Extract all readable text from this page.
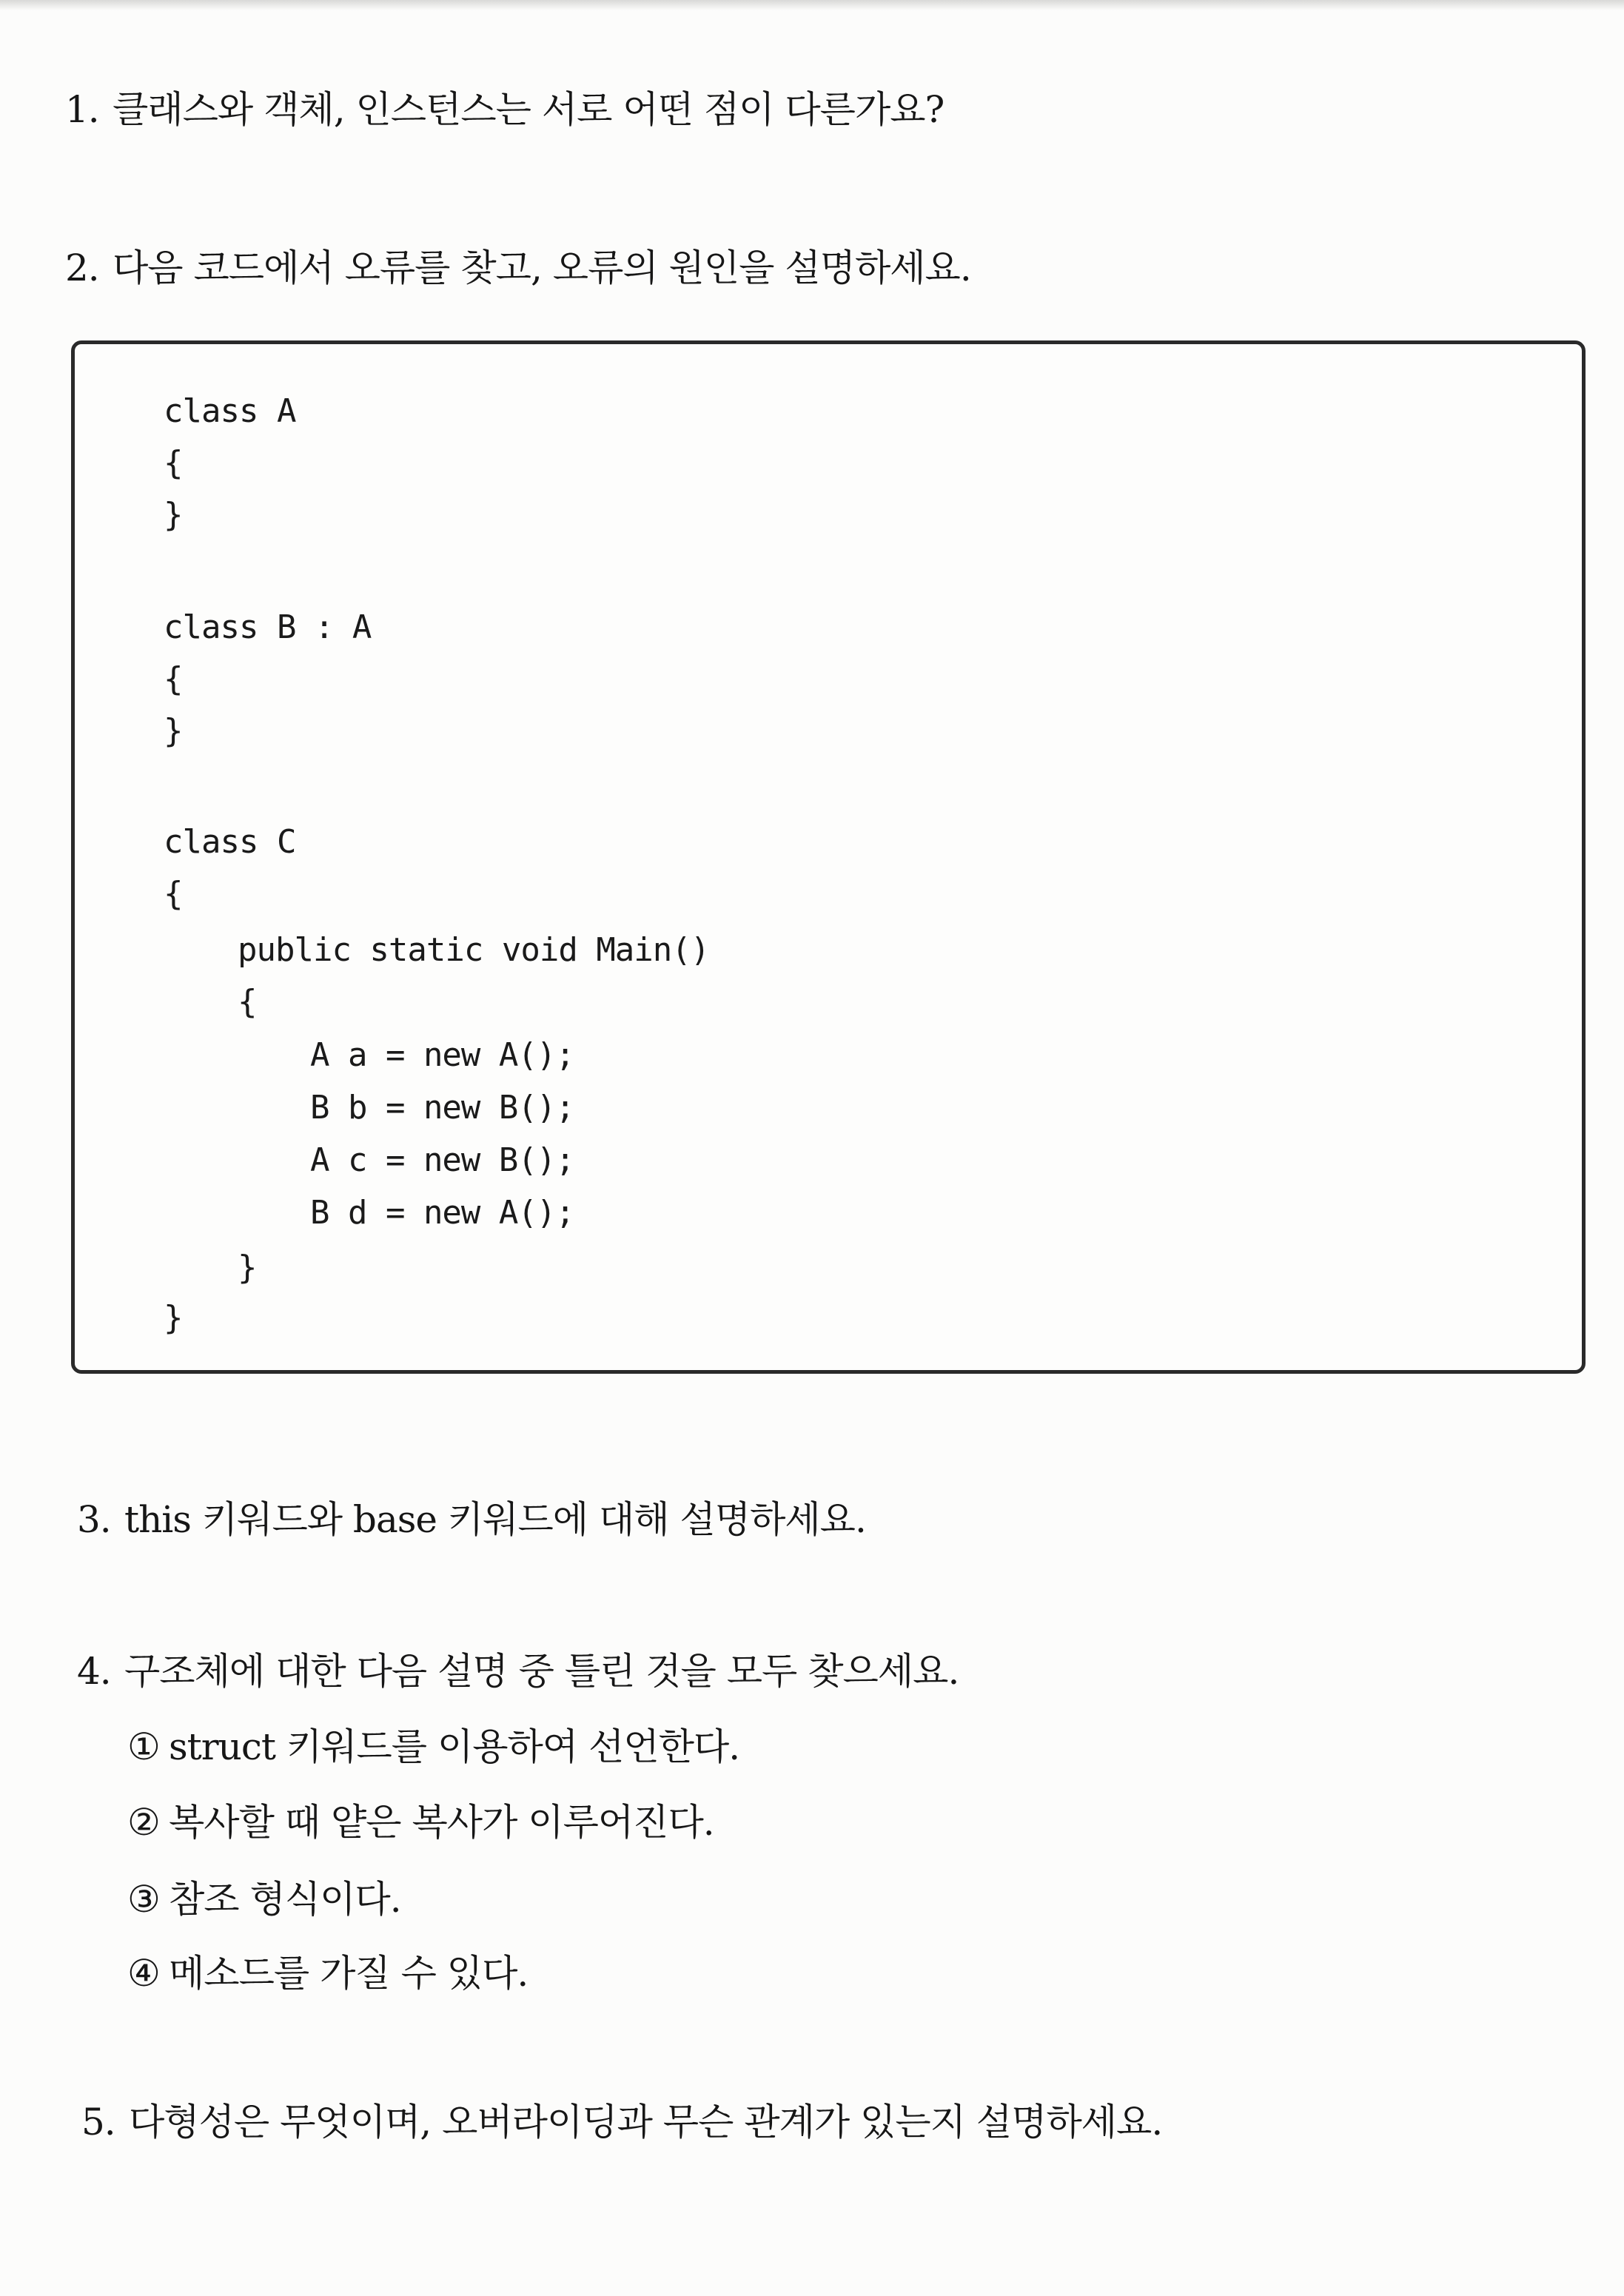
1. 클래스와 객체, 인스턴스는 서로 어떤 점이 다른가요?
2. 다음 코드에서 오류를 찾고, 오류의 원인을 설명하세요.
class A
{
}
class B : A
{
}
class C
{
public static void Main()
{
A a = new A();
B b = new B();
A c = new B();
B d = new A();
}
}
3. this 키워드와 base 키워드에 대해 설명하세요.
4. 구조체에 대한 다음 설명 중 틀린 것을 모두 찾으세요.
① struct 키워드를 이용하여 선언한다.
② 복사할 때 얕은 복사가 이루어진다.
③ 참조 형식이다.
④ 메소드를 가질 수 있다.
5. 다형성은 무엇이며, 오버라이딩과 무슨 관계가 있는지 설명하세요.
